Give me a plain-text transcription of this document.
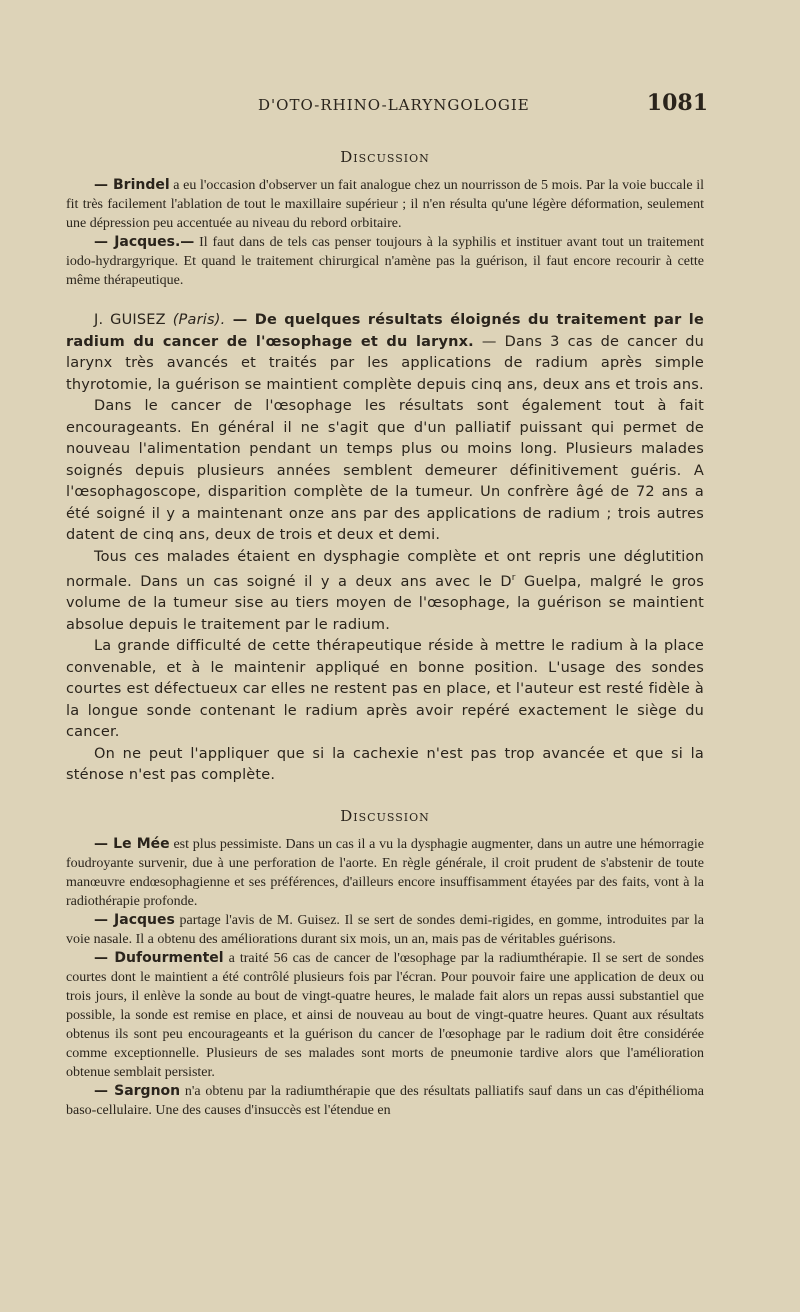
D'OTO-RHINO-LARYNGOLOGIE	1081
Discussion

— Brindel a eu l'occasion d'observer un fait analogue chez un nourrisson de 5 mois. Par la voie buccale il fit très facilement l'ablation de tout le maxillaire supérieur ; il n'en résulta qu'une légère déformation, seulement une dépression peu accentuée au niveau du rebord orbitaire.

— Jacques.— Il faut dans de tels cas penser toujours à la syphilis et instituer avant tout un traitement iodo-hydrargyrique. Et quand le traitement chirurgical n'amène pas la guérison, il faut encore recourir à cette même thérapeutique.

J. GUISEZ (Paris). — De quelques résultats éloignés du traitement par le radium du cancer de l'œsophage et du larynx. — Dans 3 cas de cancer du larynx très avancés et traités par les applications de radium après simple thyrotomie, la guérison se maintient complète depuis cinq ans, deux ans et trois ans.

Dans le cancer de l'œsophage les résultats sont également tout à fait encourageants. En général il ne s'agit que d'un palliatif puissant qui permet de nouveau l'alimentation pendant un temps plus ou moins long. Plusieurs malades soignés depuis plusieurs années semblent demeurer définitivement guéris. A l'œsophagoscope, disparition complète de la tumeur. Un confrère âgé de 72 ans a été soigné il y a maintenant onze ans par des applications de radium ; trois autres datent de cinq ans, deux de trois et deux et demi.

Tous ces malades étaient en dysphagie complète et ont repris une déglutition normale. Dans un cas soigné il y a deux ans avec le $D^r$ Guelpa, malgré le gros volume de la tumeur sise au tiers moyen de l'œsophage, la guérison se maintient absolue depuis le traitement par le radium.

La grande difficulté de cette thérapeutique réside à mettre le radium à la place convenable, et à le maintenir appliqué en bonne position. L'usage des sondes courtes est défectueux car elles ne restent pas en place, et l'auteur est resté fidèle à la longue sonde contenant le radium après avoir repéré exactement le siège du cancer.

On ne peut l'appliquer que si la cachexie n'est pas trop avancée et que si la sténose n'est pas complète.

Discussion

— Le Mée est plus pessimiste. Dans un cas il a vu la dysphagie augmenter, dans un autre une hémorragie foudroyante survenir, due à une perforation de l'aorte. En règle générale, il croit prudent de s'abstenir de toute manœuvre endœsophagienne et ses préférences, d'ailleurs encore insuffisamment étayées par des faits, vont à la radiothérapie profonde.

— Jacques partage l'avis de M. Guisez. Il se sert de sondes demi-rigides, en gomme, introduites par la voie nasale. Il a obtenu des améliorations durant six mois, un an, mais pas de véritables guérisons.

— Dufourmentel a traité 56 cas de cancer de l'œsophage par la radiumthérapie. Il se sert de sondes courtes dont le maintient a été contrôlé plusieurs fois par l'écran. Pour pouvoir faire une application de deux ou trois jours, il enlève la sonde au bout de vingt-quatre heures, le malade fait alors un repas aussi substantiel que possible, la sonde est remise en place, et ainsi de nouveau au bout de vingt-quatre heures. Quant aux résultats obtenus ils sont peu encourageants et la guérison du cancer de l'œsophage par le radium doit être considérée comme exceptionnelle. Plusieurs de ses malades sont morts de pneumonie tardive alors que l'amélioration obtenue semblait persister.

— Sargnon n'a obtenu par la radiumthérapie que des résultats palliatifs sauf dans un cas d'épithélioma baso-cellulaire. Une des causes d'insuccès est l'étendue en
